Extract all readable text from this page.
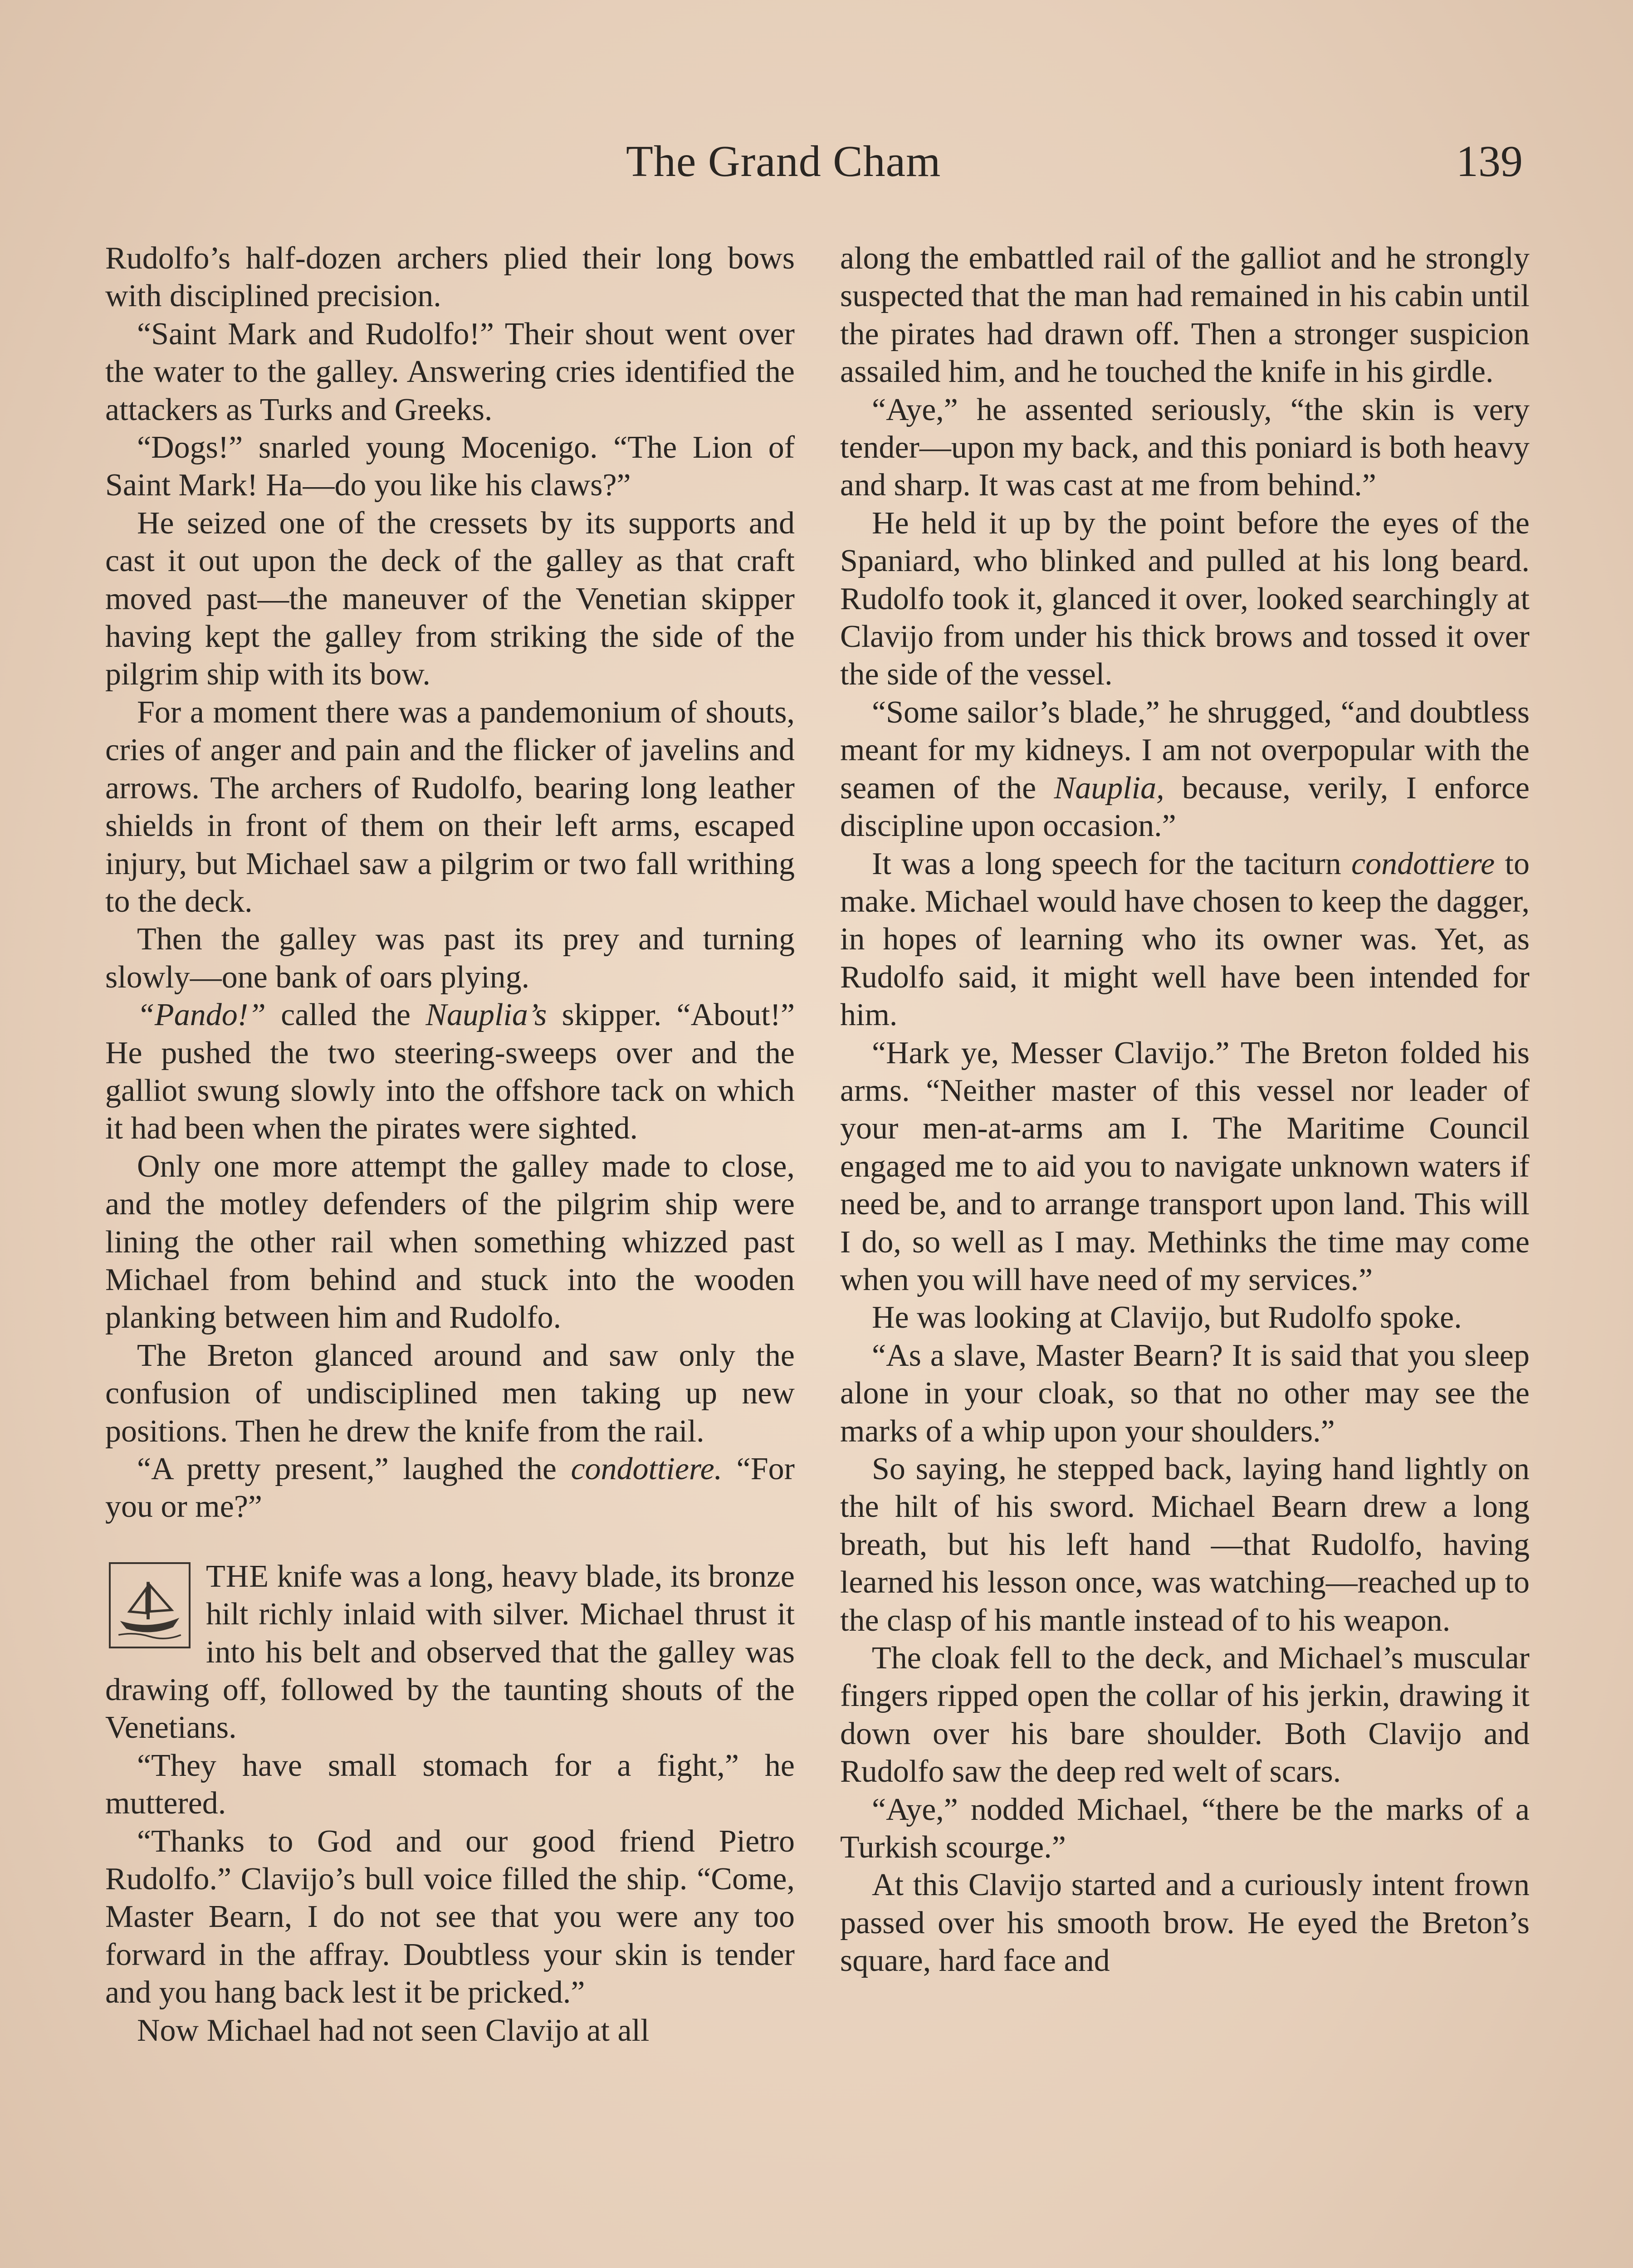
The Grand Cham	139

Rudolfo’s half-dozen archers plied their long bows with disciplined precision.

“Saint Mark and Rudolfo!” Their shout went over the water to the galley. Answering cries identified the attackers as Turks and Greeks.

“Dogs!” snarled young Mocenigo. “The Lion of Saint Mark! Ha—do you like his claws?”

He seized one of the cressets by its supports and cast it out upon the deck of the galley as that craft moved past—the maneuver of the Venetian skipper having kept the galley from striking the side of the pilgrim ship with its bow.

For a moment there was a pandemonium of shouts, cries of anger and pain and the flicker of javelins and arrows. The archers of Rudolfo, bearing long leather shields in front of them on their left arms, escaped injury, but Michael saw a pilgrim or two fall writhing to the deck.

Then the galley was past its prey and turning slowly—one bank of oars plying.

“Pando!” called the Nauplia’s skipper. “About!” He pushed the two steering-sweeps over and the galliot swung slowly into the offshore tack on which it had been when the pirates were sighted.

Only one more attempt the galley made to close, and the motley defenders of the pilgrim ship were lining the other rail when something whizzed past Michael from behind and stuck into the wooden planking between him and Rudolfo.

The Breton glanced around and saw only the confusion of undisciplined men taking up new positions. Then he drew the knife from the rail.

“A pretty present,” laughed the condottiere. “For you or me?”

THE knife was a long, heavy blade, its bronze hilt richly inlaid with silver. Michael thrust it into his belt and observed that the galley was drawing off, followed by the taunting shouts of the Venetians.

“They have small stomach for a fight,” he muttered.

“Thanks to God and our good friend Pietro Rudolfo.” Clavijo’s bull voice filled the ship. “Come, Master Bearn, I do not see that you were any too forward in the affray. Doubtless your skin is tender and you hang back lest it be pricked.”

Now Michael had not seen Clavijo at all

along the embattled rail of the galliot and he strongly suspected that the man had remained in his cabin until the pirates had drawn off. Then a stronger suspicion assailed him, and he touched the knife in his girdle.

“Aye,” he assented seriously, “the skin is very tender—upon my back, and this poniard is both heavy and sharp. It was cast at me from behind.”

He held it up by the point before the eyes of the Spaniard, who blinked and pulled at his long beard. Rudolfo took it, glanced it over, looked searchingly at Clavijo from under his thick brows and tossed it over the side of the vessel.

“Some sailor’s blade,” he shrugged, “and doubtless meant for my kidneys. I am not overpopular with the seamen of the Nauplia, because, verily, I enforce discipline upon occasion.”

It was a long speech for the taciturn condottiere to make. Michael would have chosen to keep the dagger, in hopes of learning who its owner was. Yet, as Rudolfo said, it might well have been intended for him.

“Hark ye, Messer Clavijo.” The Breton folded his arms. “Neither master of this vessel nor leader of your men-at-arms am I. The Maritime Council engaged me to aid you to navigate unknown waters if need be, and to arrange transport upon land. This will I do, so well as I may. Methinks the time may come when you will have need of my services.”

He was looking at Clavijo, but Rudolfo spoke.

“As a slave, Master Bearn? It is said that you sleep alone in your cloak, so that no other may see the marks of a whip upon your shoulders.”

So saying, he stepped back, laying hand lightly on the hilt of his sword. Michael Bearn drew a long breath, but his left hand —that Rudolfo, having learned his lesson once, was watching—reached up to the clasp of his mantle instead of to his weapon.

The cloak fell to the deck, and Michael’s muscular fingers ripped open the collar of his jerkin, drawing it down over his bare shoulder. Both Clavijo and Rudolfo saw the deep red welt of scars.

“Aye,” nodded Michael, “there be the marks of a Turkish scourge.”

At this Clavijo started and a curiously intent frown passed over his smooth brow. He eyed the Breton’s square, hard face and
